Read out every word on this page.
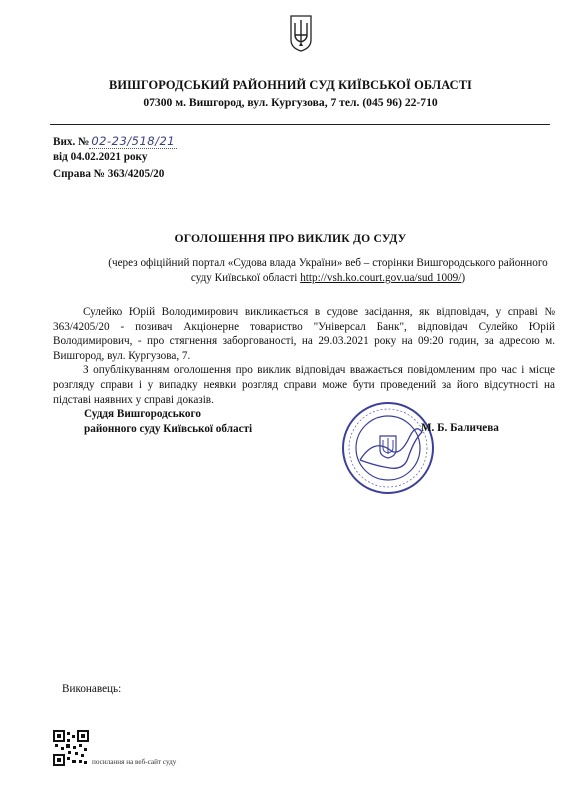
ВИШГОРОДСЬКИЙ РАЙОННИЙ СУД КИЇВСЬКОЇ ОБЛАСТІ
07300 м. Вишгород, вул. Кургузова, 7 тел. (045 96) 22-710
Вих. № 02-23/518/21
від 04.02.2021 року
Справа № 363/4205/20
ОГОЛОШЕННЯ ПРО ВИКЛИК ДО СУДУ
(через офіційний портал «Судова влада України» веб – сторінки Вишгородського районного суду Київської області http://vsh.ko.court.gov.ua/sud 1009/)

Сулейко Юрій Володимирович викликається в судове засідання, як відповідач, у справі № 363/4205/20 - позивач Акціонерне товариство "Універсал Банк", відповідач Сулейко Юрій Володимирович, - про стягнення заборгованості, на 29.03.2021 року на 09:20 годин, за адресою м. Вишгород, вул. Кургузова, 7.

З опублікуванням оголошення про виклик відповідач вважається повідомленим про час і місце розгляду справи і у випадку неявки розгляд справи може бути проведений за його відсутності на підставі наявних у справі доказів.

Суддя Вишгородського
районного суду Київської області	М. Б. Баличева
Виконавець:
посилання на веб-сайт суду
